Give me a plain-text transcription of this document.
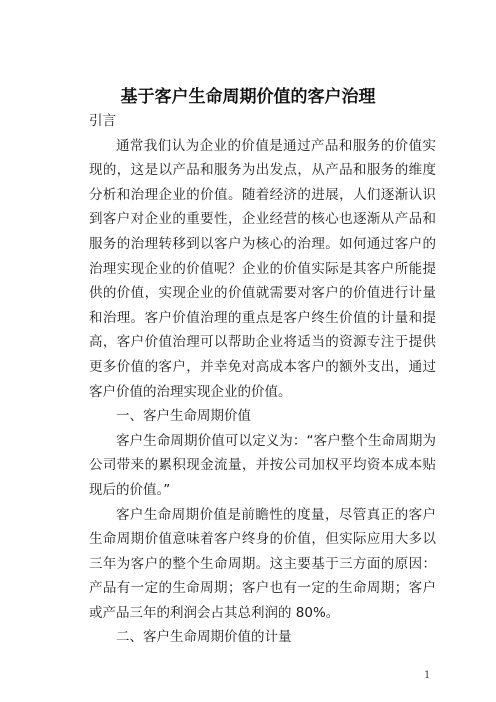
基于客户生命周期价值的客户治理

引言

通常我们认为企业的价值是通过产品和服务的价值实现的，这是以产品和服务为出发点，从产品和服务的维度分析和治理企业的价值。随着经济的进展，人们逐渐认识到客户对企业的重要性，企业经营的核心也逐渐从产品和服务的治理转移到以客户为核心的治理。如何通过客户的治理实现企业的价值呢？企业的价值实际是其客户所能提供的价值，实现企业的价值就需要对客户的价值进行计量和治理。客户价值治理的重点是客户终生价值的计量和提高，客户价值治理可以帮助企业将适当的资源专注于提供更多价值的客户，并幸免对高成本客户的额外支出，通过客户价值的治理实现企业的价值。

一、客户生命周期价值

客户生命周期价值可以定义为：“客户整个生命周期为公司带来的累积现金流量，并按公司加权平均资本成本贴现后的价值。”

客户生命周期价值是前瞻性的度量，尽管真正的客户生命周期价值意味着客户终身的价值，但实际应用大多以三年为客户的整个生命周期。这主要基于三方面的原因：产品有一定的生命周期；客户也有一定的生命周期；客户或产品三年的利润会占其总利润的 80%。

二、客户生命周期价值的计量

1
